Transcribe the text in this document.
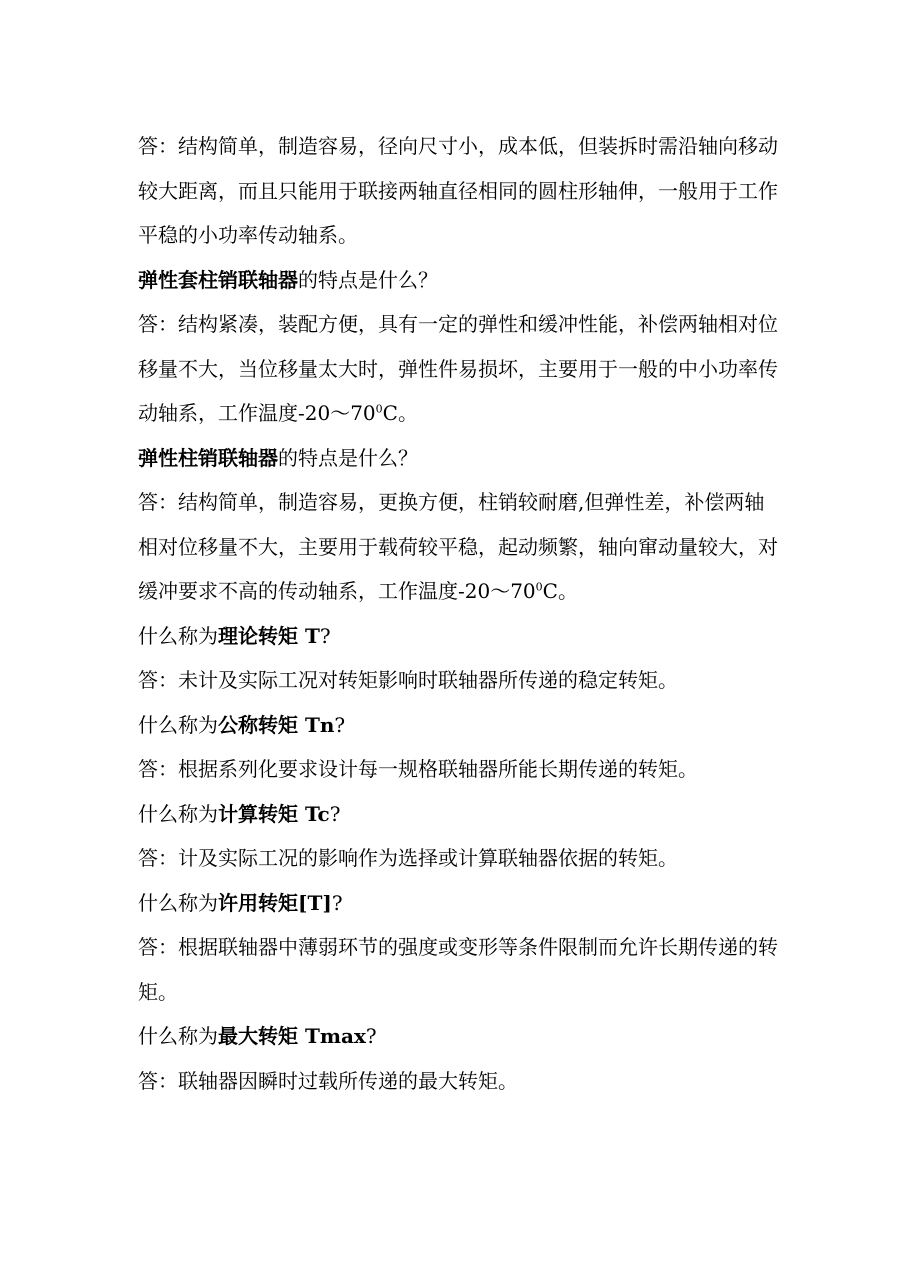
答：结构简单，制造容易，径向尺寸小，成本低，但装拆时需沿轴向移动较大距离，而且只能用于联接两轴直径相同的圆柱形轴伸，一般用于工作平稳的小功率传动轴系。

弹性套柱销联轴器的特点是什么？

答：结构紧凑，装配方便，具有一定的弹性和缓冲性能，补偿两轴相对位移量不大，当位移量太大时，弹性件易损坏，主要用于一般的中小功率传动轴系，工作温度$-20\sim 70^0C$。

弹性柱销联轴器的特点是什么？

答：结构简单，制造容易，更换方便，柱销较耐磨,但弹性差，补偿两轴相对位移量不大，主要用于载荷较平稳，起动频繁，轴向窜动量较大，对缓冲要求不高的传动轴系，工作温度$-20\sim 70^0C$。

什么称为理论转矩 T?

答：未计及实际工况对转矩影响时联轴器所传递的稳定转矩。

什么称为公称转矩 Tn?

答：根据系列化要求设计每一规格联轴器所能长期传递的转矩。

什么称为计算转矩 Tc?

答：计及实际工况的影响作为选择或计算联轴器依据的转矩。

什么称为许用转矩[T]?

答：根据联轴器中薄弱环节的强度或变形等条件限制而允许长期传递的转矩。

什么称为最大转矩 Tmax?

答：联轴器因瞬时过载所传递的最大转矩。
